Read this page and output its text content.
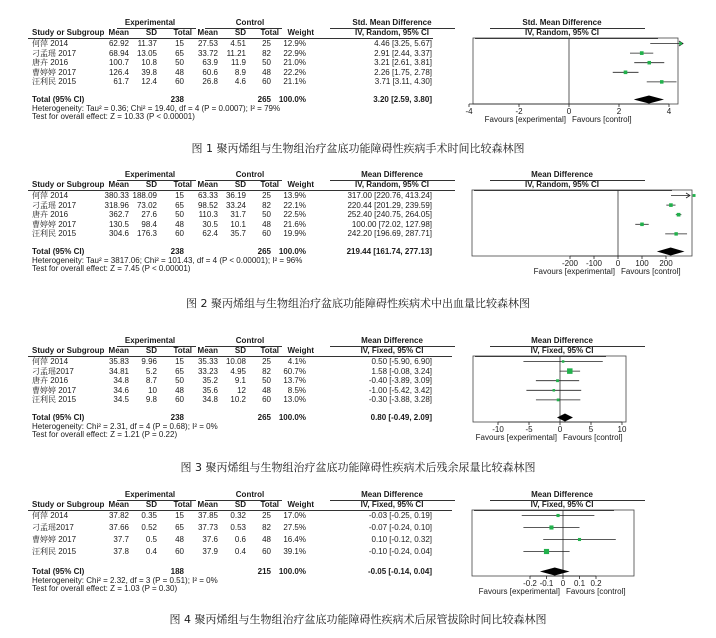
Experimental	Control	Std. Mean Difference	Std. Mean Difference
Study or Subgroup Mean SD Total Mean SD Total Weight	IV, Random, 95% CI	IV, Random, 95% CI
何萍 2014	62.92 11.37 15 27.53 4.51 25 12.9%	4.46 [3.25, 5.67]
刁孟瑶 2017	68.94 13.05 65 33.72 11.21 82 22.9%	2.91 [2.44, 3.37]
唐卉 2016	100.7 10.8 50 63.9 11.9 50 21.0%	3.21 [2.61, 3.81]
曹婷婷 2017	126.4 39.8 48 60.6 8.9 48 22.2%	2.26 [1.75, 2.78]
汪利民 2015	61.7 12.4 60 26.8 4.6 60 21.1%	3.71 [3.11, 4.30]
Total (95% CI)	238	265 100.0%	3.20 [2.59, 3.80]
Heterogeneity: Tau² = 0.36; Chi² = 19.40, df = 4 (P = 0.0007); I² = 79%
Test for overall effect: Z = 10.33 (P < 0.00001)
-4	-2	0	2	4
Favours [experimental] Favours [control]
图 1 聚丙烯组与生物组治疗盆底功能障碍性疾病手术时间比较森林图
Experimental	Control	Mean Difference	Mean Difference
Study or Subgroup Mean SD Total Mean SD Total Weight	IV, Random, 95% CI	IV, Random, 95% CI
何萍 2014	380.33 188.09 15 63.33 36.19 25 13.9%	317.00 [220.76, 413.24]
刁孟瑶 2017	318.96 73.02 65 98.52 33.24 82 22.1%	220.44 [201.29, 239.59]
唐卉 2016	362.7 27.6 50 110.3 31.7 50 22.5%	252.40 [240.75, 264.05]
曹婷婷 2017	130.5 98.4 48 30.5 10.1 48 21.6%	100.00 [72.02, 127.98]
汪利民 2015	304.6 176.3 60 62.4 35.7 60 19.9%	242.20 [196.69, 287.71]
Total (95% CI)	238	265 100.0%	219.44 [161.74, 277.13]
Heterogeneity: Tau² = 3817.06; Chi² = 101.43, df = 4 (P < 0.00001); I² = 96%
Test for overall effect: Z = 7.45 (P < 0.00001)
-200 -100 0 100 200
Favours [experimental] Favours [control]
图 2 聚丙烯组与生物组治疗盆底功能障碍性疾病术中出血量比较森林图
Experimental	Control	Mean Difference	Mean Difference
Study or Subgroup Mean SD Total Mean SD Total Weight	IV, Fixed, 95% CI	IV, Fixed, 95% CI
何萍 2014	35.83 9.96 15 35.33 10.08 25 4.1%	0.50 [-5.90, 6.90]
刁孟瑶2017	34.81 5.2 65 33.23 4.95 82 60.7%	1.58 [-0.08, 3.24]
唐卉 2016	34.8 8.7 50 35.2 9.1 50 13.7%	-0.40 [-3.89, 3.09]
曹婷婷 2017	34.6 10 48 35.6 12 48 8.5%	-1.00 [-5.42, 3.42]
汪利民 2015	34.5 9.8 60 34.8 10.2 60 13.0%	-0.30 [-3.88, 3.28]
Total (95% CI)	238	265 100.0%	0.80 [-0.49, 2.09]
Heterogeneity: Chi² = 2.31, df = 4 (P = 0.68); I² = 0%
Test for overall effect: Z = 1.21 (P = 0.22)
-10	-5	0	5	10
Favours [experimental] Favours [control]
图 3 聚丙烯组与生物组治疗盆底功能障碍性疾病术后残余尿量比较森林图
Experimental	Control	Mean Difference	Mean Difference
Study or Subgroup Mean SD Total Mean SD Total Weight	IV, Fixed, 95% CI	IV, Fixed, 95% CI
何萍 2014	37.82 0.35 15 37.85 0.32 25 17.0%	-0.03 [-0.25, 0.19]
刁孟瑶2017	37.66 0.52 65 37.73 0.53 82 27.5%	-0.07 [-0.24, 0.10]
曹婷婷 2017	37.7 0.5 48 37.6 0.6 48 16.4%	0.10 [-0.12, 0.32]
汪利民 2015	37.8 0.4 60 37.9 0.4 60 39.1%	-0.10 [-0.24, 0.04]
Total (95% CI)	188	215 100.0%	-0.05 [-0.14, 0.04]
Heterogeneity: Chi² = 2.32, df = 3 (P = 0.51); I² = 0%
Test for overall effect: Z = 1.03 (P = 0.30)
-0.2 -0.1 0 0.1 0.2
Favours [experimental] Favours [control]
图 4 聚丙烯组与生物组治疗盆底功能障碍性疾病术后尿管拔除时间比较森林图
